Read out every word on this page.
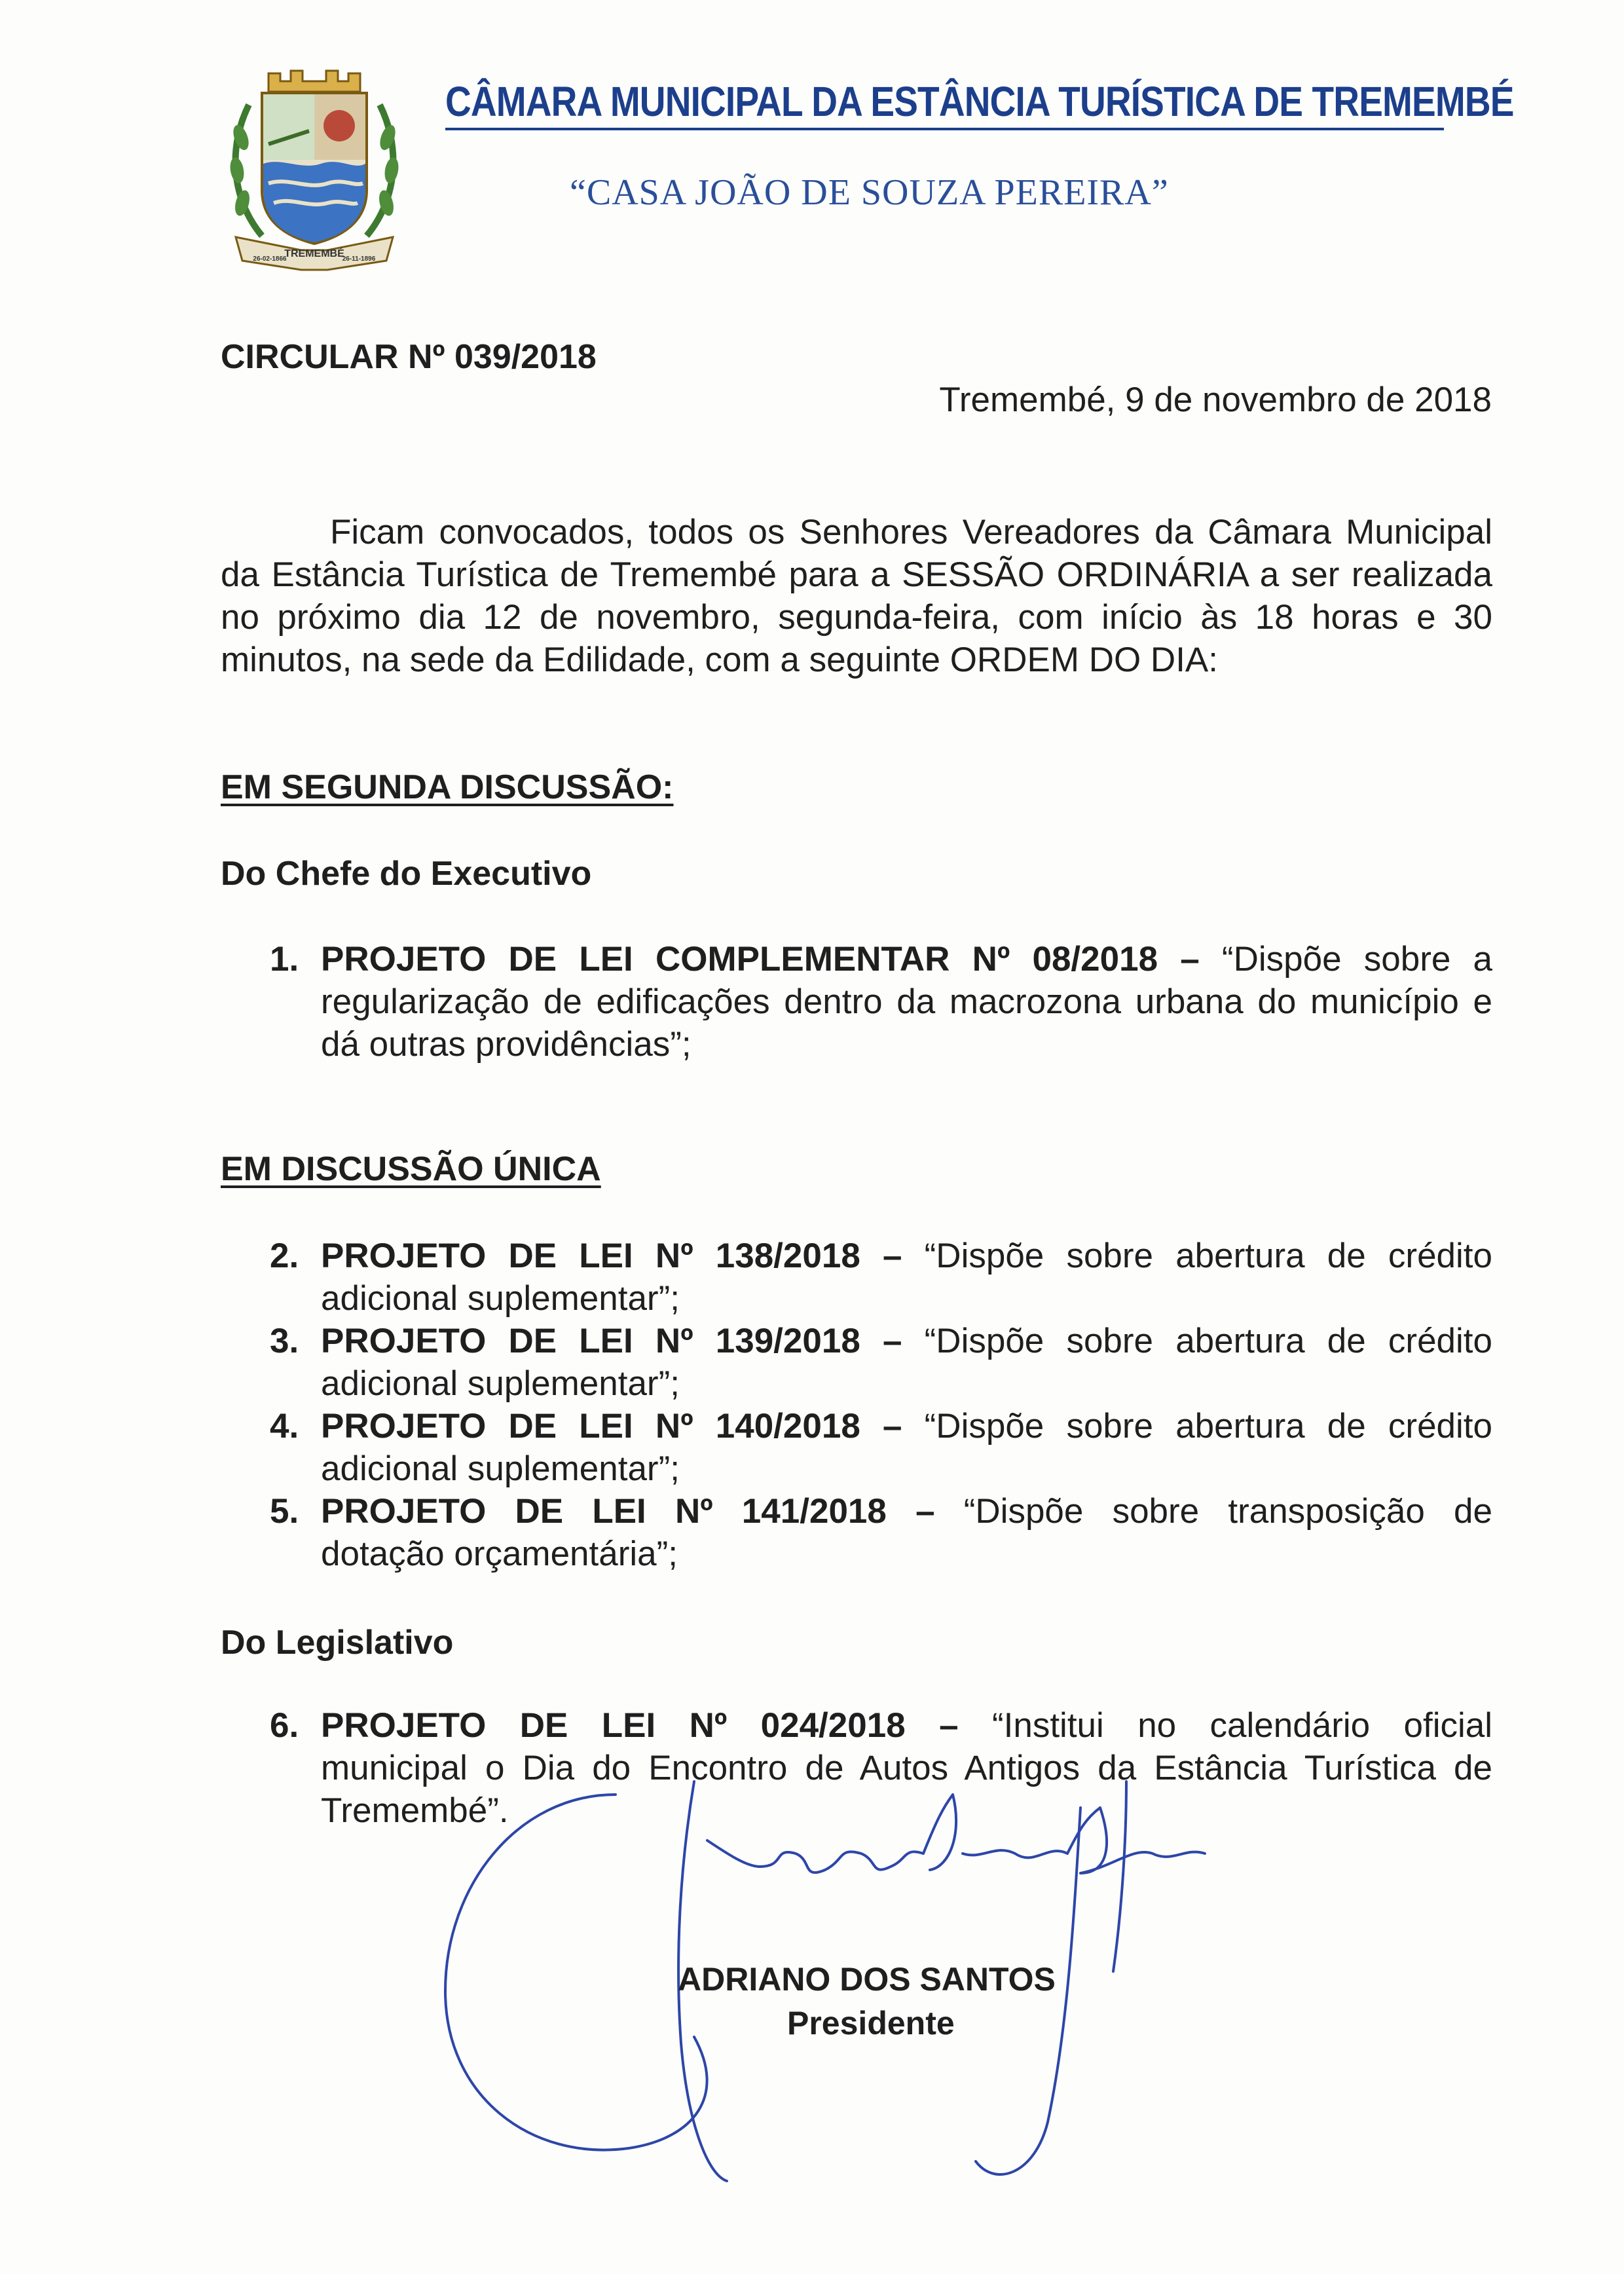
TREMEMBÉ
26-02-1866	26-11-1896
CÂMARA MUNICIPAL DA ESTÂNCIA TURÍSTICA DE TREMEMBÉ
“CASA JOÃO DE SOUZA PEREIRA”
CIRCULAR Nº 039/2018
Tremembé, 9 de novembro de 2018
Ficam convocados, todos os Senhores Vereadores da Câmara Municipal
da Estância Turística de Tremembé para a SESSÃO ORDINÁRIA a ser realizada
no próximo dia 12 de novembro, segunda-feira, com início às 18 horas e 30
minutos, na sede da Edilidade, com a seguinte ORDEM DO DIA:
EM SEGUNDA DISCUSSÃO:
Do Chefe do Executivo
1. PROJETO DE LEI COMPLEMENTAR Nº 08/2018 – “Dispõe sobre a
regularização de edificações dentro da macrozona urbana do município e
dá outras providências”;
EM DISCUSSÃO ÚNICA
2. PROJETO DE LEI Nº 138/2018 – “Dispõe sobre abertura de crédito
adicional suplementar”;
3. PROJETO DE LEI Nº 139/2018 – “Dispõe sobre abertura de crédito
adicional suplementar”;
4. PROJETO DE LEI Nº 140/2018 – “Dispõe sobre abertura de crédito
adicional suplementar”;
5. PROJETO DE LEI Nº 141/2018 – “Dispõe sobre transposição de
dotação orçamentária”;
Do Legislativo
6. PROJETO DE LEI Nº 024/2018 – “Institui no calendário oficial
municipal o Dia do Encontro de Autos Antigos da Estância Turística de
Tremembé”.
ADRIANO DOS SANTOS
Presidente
